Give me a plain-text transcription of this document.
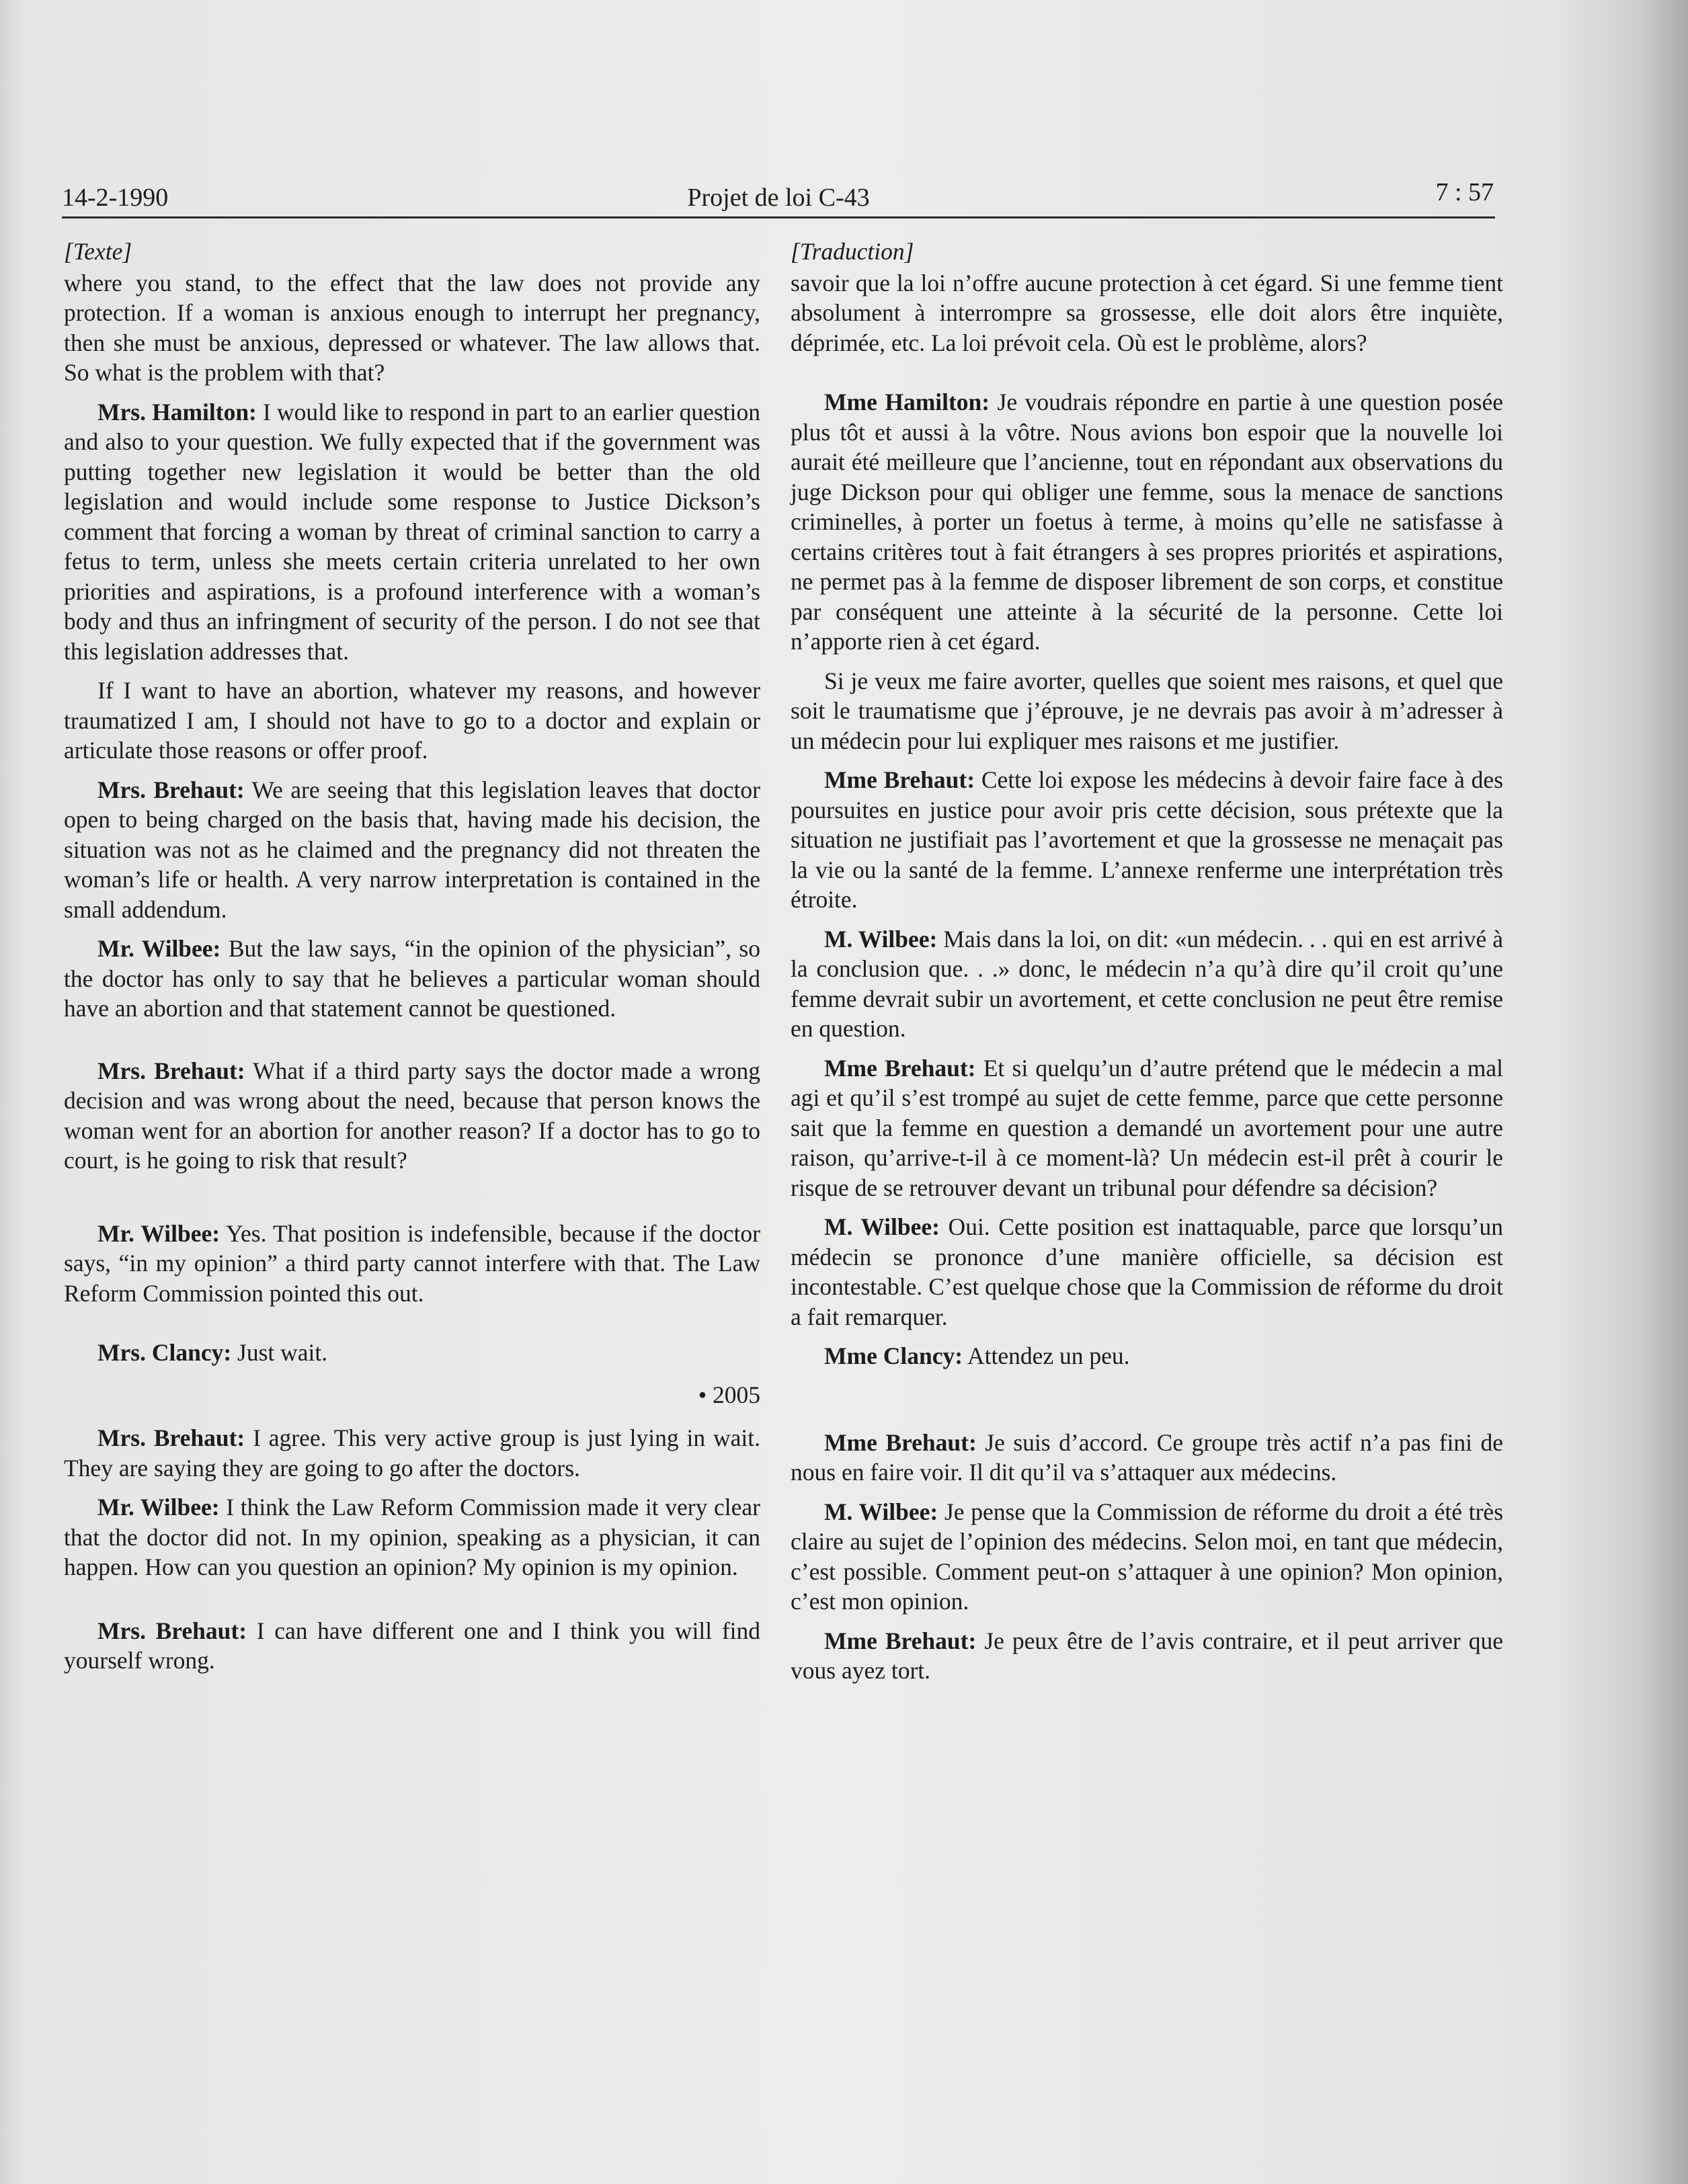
14-2-1990	Projet de loi C-43	7 : 57
[Texte]

where you stand, to the effect that the law does not provide any protection. If a woman is anxious enough to interrupt her pregnancy, then she must be anxious, depressed or whatever. The law allows that. So what is the problem with that?

Mrs. Hamilton: I would like to respond in part to an earlier question and also to your question. We fully expected that if the government was putting together new legislation it would be better than the old legislation and would include some response to Justice Dickson’s comment that forcing a woman by threat of criminal sanction to carry a fetus to term, unless she meets certain criteria unrelated to her own priorities and aspirations, is a profound interference with a woman’s body and thus an infringment of security of the person. I do not see that this legislation addresses that.

If I want to have an abortion, whatever my reasons, and however traumatized I am, I should not have to go to a doctor and explain or articulate those reasons or offer proof.

Mrs. Brehaut: We are seeing that this legislation leaves that doctor open to being charged on the basis that, having made his decision, the situation was not as he claimed and the pregnancy did not threaten the woman’s life or health. A very narrow interpretation is contained in the small addendum.

Mr. Wilbee: But the law says, “in the opinion of the physician”, so the doctor has only to say that he believes a particular woman should have an abortion and that statement cannot be questioned.

Mrs. Brehaut: What if a third party says the doctor made a wrong decision and was wrong about the need, because that person knows the woman went for an abortion for another reason? If a doctor has to go to court, is he going to risk that result?

Mr. Wilbee: Yes. That position is indefensible, because if the doctor says, “in my opinion” a third party cannot interfere with that. The Law Reform Commission pointed this out.

Mrs. Clancy: Just wait.

• 2005

Mrs. Brehaut: I agree. This very active group is just lying in wait. They are saying they are going to go after the doctors.

Mr. Wilbee: I think the Law Reform Commission made it very clear that the doctor did not. In my opinion, speaking as a physician, it can happen. How can you question an opinion? My opinion is my opinion.

Mrs. Brehaut: I can have different one and I think you will find yourself wrong.

[Traduction]

savoir que la loi n’offre aucune protection à cet égard. Si une femme tient absolument à interrompre sa grossesse, elle doit alors être inquiète, déprimée, etc. La loi prévoit cela. Où est le problème, alors?

Mme Hamilton: Je voudrais répondre en partie à une question posée plus tôt et aussi à la vôtre. Nous avions bon espoir que la nouvelle loi aurait été meilleure que l’ancienne, tout en répondant aux observations du juge Dickson pour qui obliger une femme, sous la menace de sanctions criminelles, à porter un foetus à terme, à moins qu’elle ne satisfasse à certains critères tout à fait étrangers à ses propres priorités et aspirations, ne permet pas à la femme de disposer librement de son corps, et constitue par conséquent une atteinte à la sécurité de la personne. Cette loi n’apporte rien à cet égard.

Si je veux me faire avorter, quelles que soient mes raisons, et quel que soit le traumatisme que j’éprouve, je ne devrais pas avoir à m’adresser à un médecin pour lui expliquer mes raisons et me justifier.

Mme Brehaut: Cette loi expose les médecins à devoir faire face à des poursuites en justice pour avoir pris cette décision, sous prétexte que la situation ne justifiait pas l’avortement et que la grossesse ne menaçait pas la vie ou la santé de la femme. L’annexe renferme une interprétation très étroite.

M. Wilbee: Mais dans la loi, on dit: «un médecin. . . qui en est arrivé à la conclusion que. . .» donc, le médecin n’a qu’à dire qu’il croit qu’une femme devrait subir un avortement, et cette conclusion ne peut être remise en question.

Mme Brehaut: Et si quelqu’un d’autre prétend que le médecin a mal agi et qu’il s’est trompé au sujet de cette femme, parce que cette personne sait que la femme en question a demandé un avortement pour une autre raison, qu’arrive-t-il à ce moment-là? Un médecin est-il prêt à courir le risque de se retrouver devant un tribunal pour défendre sa décision?

M. Wilbee: Oui. Cette position est inattaquable, parce que lorsqu’un médecin se prononce d’une manière officielle, sa décision est incontestable. C’est quelque chose que la Commission de réforme du droit a fait remarquer.

Mme Clancy: Attendez un peu.

Mme Brehaut: Je suis d’accord. Ce groupe très actif n’a pas fini de nous en faire voir. Il dit qu’il va s’attaquer aux médecins.

M. Wilbee: Je pense que la Commission de réforme du droit a été très claire au sujet de l’opinion des médecins. Selon moi, en tant que médecin, c’est possible. Comment peut-on s’attaquer à une opinion? Mon opinion, c’est mon opinion.

Mme Brehaut: Je peux être de l’avis contraire, et il peut arriver que vous ayez tort.
